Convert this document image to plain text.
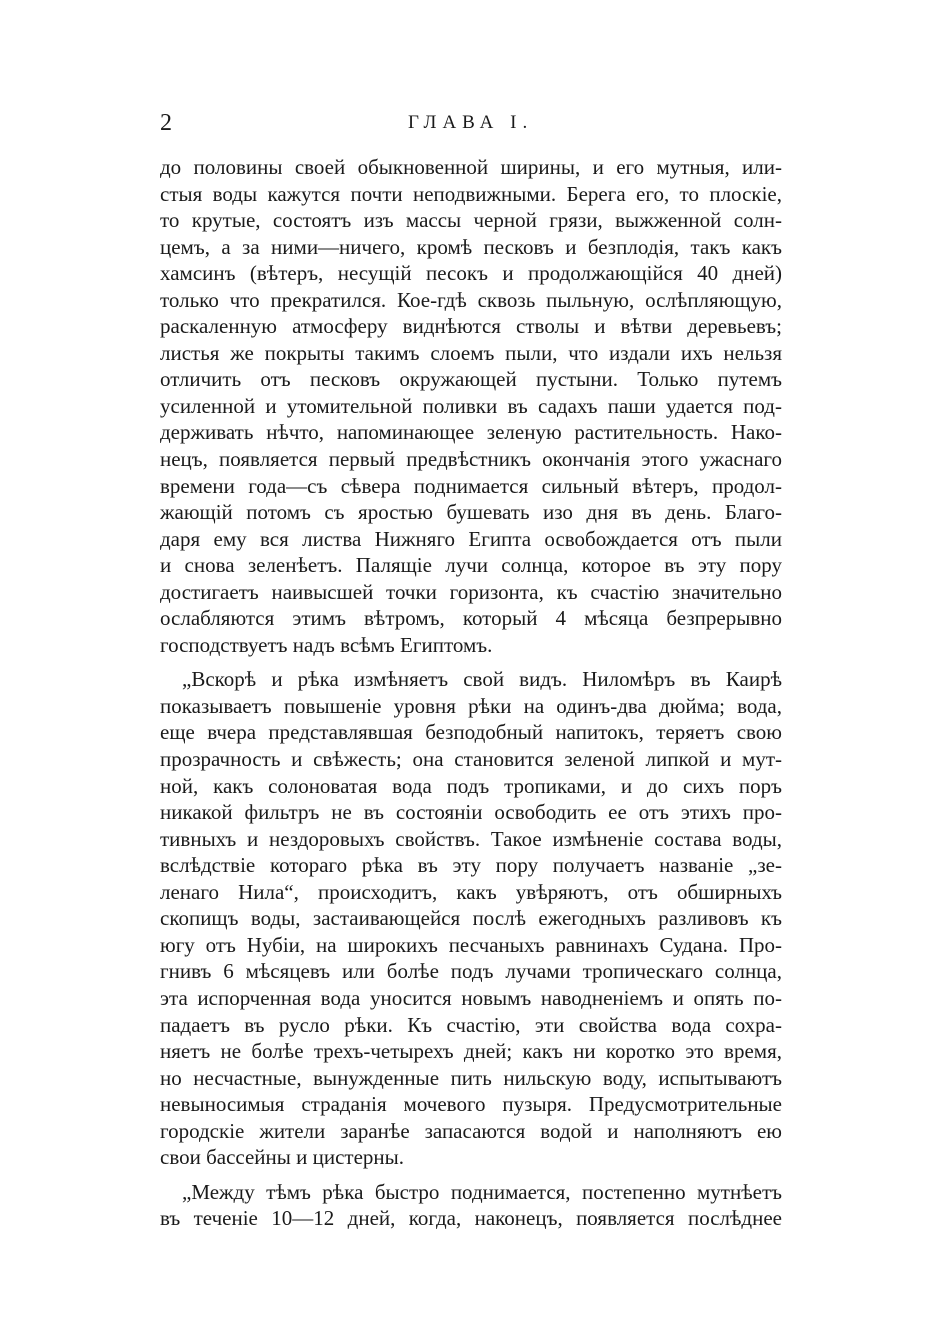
2	ГЛАВА I.
до половины своей обыкновенной ширины, и его мутныя, или-
стыя воды кажутся почти неподвижными. Берега его, то плоскіе,
то крутые, состоятъ изъ массы черной грязи, выжженной солн-
цемъ, а за ними—ничего, кромѣ песковъ и безплодія, такъ какъ
хамсинъ (вѣтеръ, несущій песокъ и продолжающійся 40 дней)
только что прекратился. Кое-гдѣ сквозь пыльную, ослѣпляющую,
раскаленную атмосферу виднѣются стволы и вѣтви деревьевъ;
листья же покрыты такимъ слоемъ пыли, что издали ихъ нельзя
отличить отъ песковъ окружающей пустыни. Только путемъ
усиленной и утомительной поливки въ садахъ паши удается под-
держивать нѣчто, напоминающее зеленую растительность. Нако-
нецъ, появляется первый предвѣстникъ окончанія этого ужаснаго
времени года—съ сѣвера поднимается сильный вѣтеръ, продол-
жающій потомъ съ яростью бушевать изо дня въ день. Благо-
даря ему вся листва Нижняго Египта освобождается отъ пыли
и снова зеленѣетъ. Палящіе лучи солнца, которое въ эту пору
достигаетъ наивысшей точки горизонта, къ счастію значительно
ослабляются этимъ вѣтромъ, который 4 мѣсяца безпрерывно
господствуетъ надъ всѣмъ Египтомъ.
„Вскорѣ и рѣка измѣняетъ свой видъ. Ниломѣръ въ Каирѣ
показываетъ повышеніе уровня рѣки на одинъ-два дюйма; вода,
еще вчера представлявшая безподобный напитокъ, теряетъ свою
прозрачность и свѣжесть; она становится зеленой липкой и мут-
ной, какъ солоноватая вода подъ тропиками, и до сихъ поръ
никакой фильтръ не въ состояніи освободить ее отъ этихъ про-
тивныхъ и нездоровыхъ свойствъ. Такое измѣненіе состава воды,
вслѣдствіе котораго рѣка въ эту пору получаетъ названіе „зе-
ленаго Нила“, происходитъ, какъ увѣряютъ, отъ обширныхъ
скопищъ воды, застаивающейся послѣ ежегодныхъ разливовъ къ
югу отъ Нубіи, на широкихъ песчаныхъ равнинахъ Судана. Про-
гнивъ 6 мѣсяцевъ или болѣе подъ лучами тропическаго солнца,
эта испорченная вода уносится новымъ наводненіемъ и опять по-
падаетъ въ русло рѣки. Къ счастію, эти свойства вода сохра-
няетъ не болѣе трехъ-четырехъ дней; какъ ни коротко это время,
но несчастные, вынужденные пить нильскую воду, испытываютъ
невыносимыя страданія мочевого пузыря. Предусмотрительные
городскіе жители заранѣе запасаются водой и наполняютъ ею
свои бассейны и цистерны.
„Между тѣмъ рѣка быстро поднимается, постепенно мутнѣетъ
въ теченіе 10—12 дней, когда, наконецъ, появляется послѣднее
